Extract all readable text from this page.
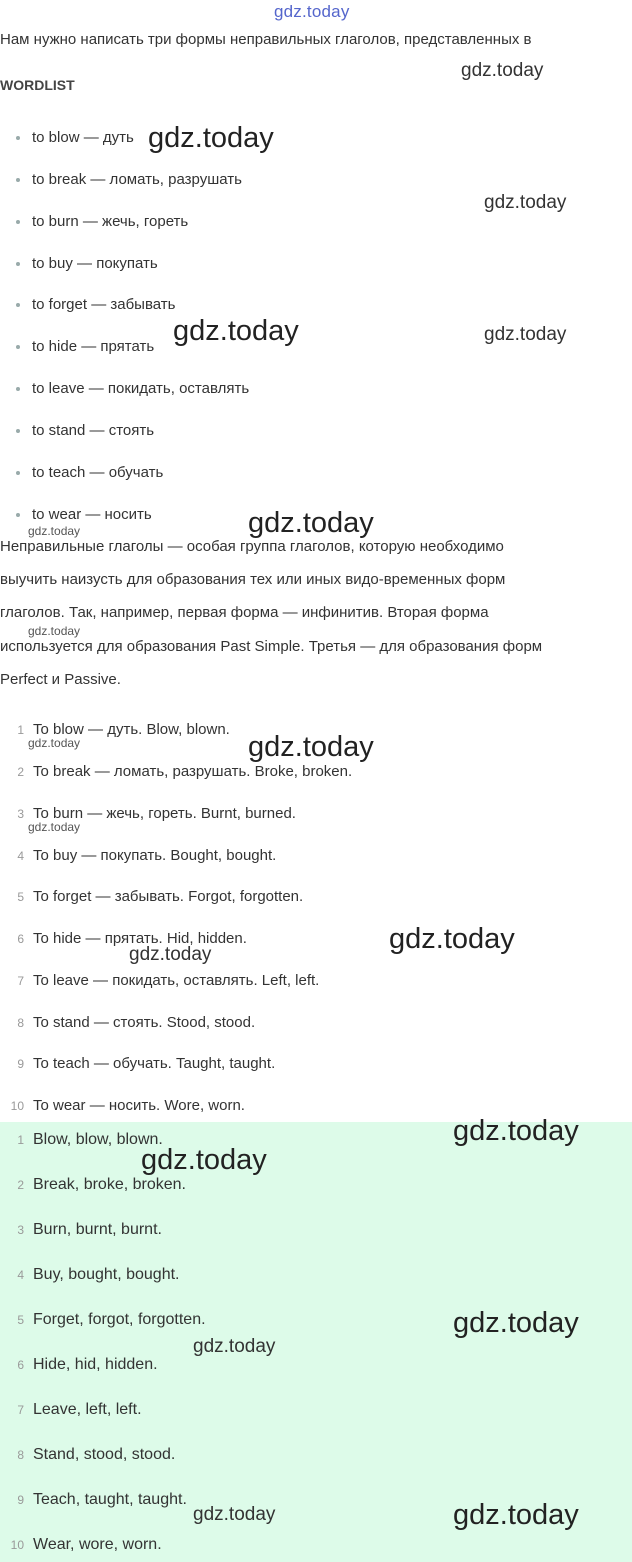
gdz.today

Нам нужно написать три формы неправильных глаголов, представленных в

WORDLIST
to blow — дуть
to break — ломать, разрушать
to burn — жечь, гореть
to buy — покупать
to forget — забывать
to hide — прятать
to leave — покидать, оставлять
to stand — стоять
to teach — обучать
to wear — носить

Неправильные глаголы — особая группа глаголов, которую необходимо

выучить наизусть для образования тех или иных видо-временных форм

глаголов. Так, например, первая форма — инфинитив. Вторая форма

используется для образования Past Simple. Третья — для образования форм

Perfect и Passive.

1 To blow — дуть. Blow, blown.
2 To break — ломать, разрушать. Broke, broken.
3 To burn — жечь, гореть. Burnt, burned.
4 To buy — покупать. Bought, bought.
5 To forget — забывать. Forgot, forgotten.
6 To hide — прятать. Hid, hidden.
7 To leave — покидать, оставлять. Left, left.
8 To stand — стоять. Stood, stood.
9 To teach — обучать. Taught, taught.
10 To wear — носить. Wore, worn.
1 Blow, blow, blown.
2 Break, broke, broken.
3 Burn, burnt, burnt.
4 Buy, bought, bought.
5 Forget, forgot, forgotten.
6 Hide, hid, hidden.
7 Leave, left, left.
8 Stand, stood, stood.
9 Teach, taught, taught.
10 Wear, wore, worn.
gdz.today
gdz.today
gdz.today
gdz.today	gdz.today
gdz.today
gdz.today
gdz.today
gdz.today	gdz.today
gdz.today
gdz.today
gdz.today
gdz.today
gdz.today
gdz.today
gdz.today
gdz.today	gdz.today
